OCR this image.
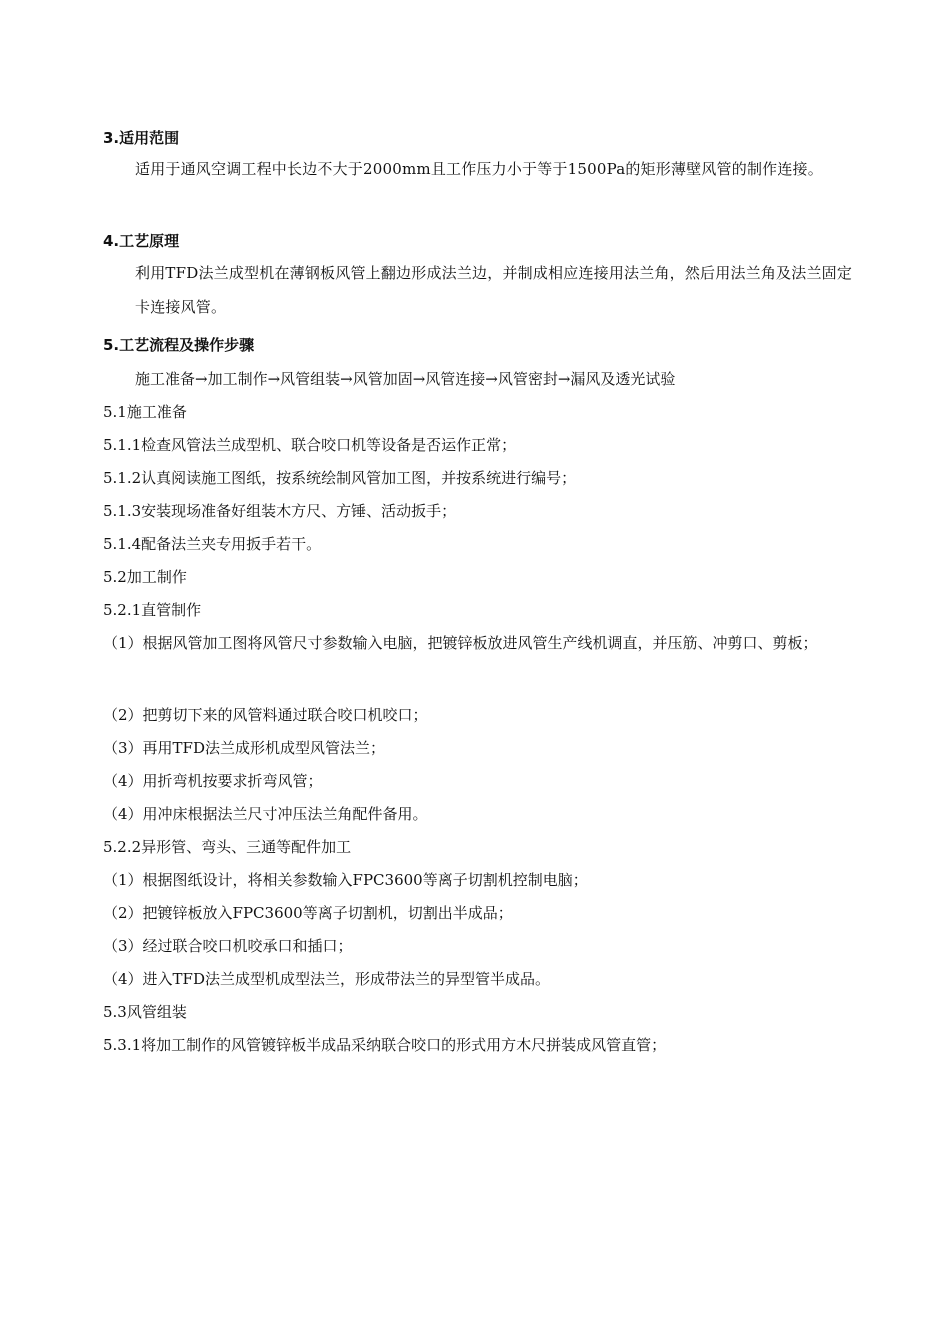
3.适用范围
适用于通风空调工程中长边不大于2000mm且工作压力小于等于1500Pa的矩形薄壁风管的制作连接。
4.工艺原理
利用TFD法兰成型机在薄钢板风管上翻边形成法兰边，并制成相应连接用法兰角，然后用法兰角及法兰固定卡连接风管。
5.工艺流程及操作步骤
施工准备→加工制作→风管组装→风管加固→风管连接→风管密封→漏风及透光试验
5.1施工准备
5.1.1检查风管法兰成型机、联合咬口机等设备是否运作正常；
5.1.2认真阅读施工图纸，按系统绘制风管加工图，并按系统进行编号；
5.1.3安装现场准备好组装木方尺、方锤、活动扳手；
5.1.4配备法兰夹专用扳手若干。
5.2加工制作
5.2.1直管制作
（1）根据风管加工图将风管尺寸参数输入电脑，把镀锌板放进风管生产线机调直，并压筋、冲剪口、剪板；
（2）把剪切下来的风管料通过联合咬口机咬口；
（3）再用TFD法兰成形机成型风管法兰；
（4）用折弯机按要求折弯风管；
（4）用冲床根据法兰尺寸冲压法兰角配件备用。
5.2.2异形管、弯头、三通等配件加工
（1）根据图纸设计，将相关参数输入FPC3600等离子切割机控制电脑；
（2）把镀锌板放入FPC3600等离子切割机，切割出半成品；
（3）经过联合咬口机咬承口和插口；
（4）进入TFD法兰成型机成型法兰，形成带法兰的异型管半成品。
5.3风管组装
5.3.1将加工制作的风管镀锌板半成品采纳联合咬口的形式用方木尺拼装成风管直管；
